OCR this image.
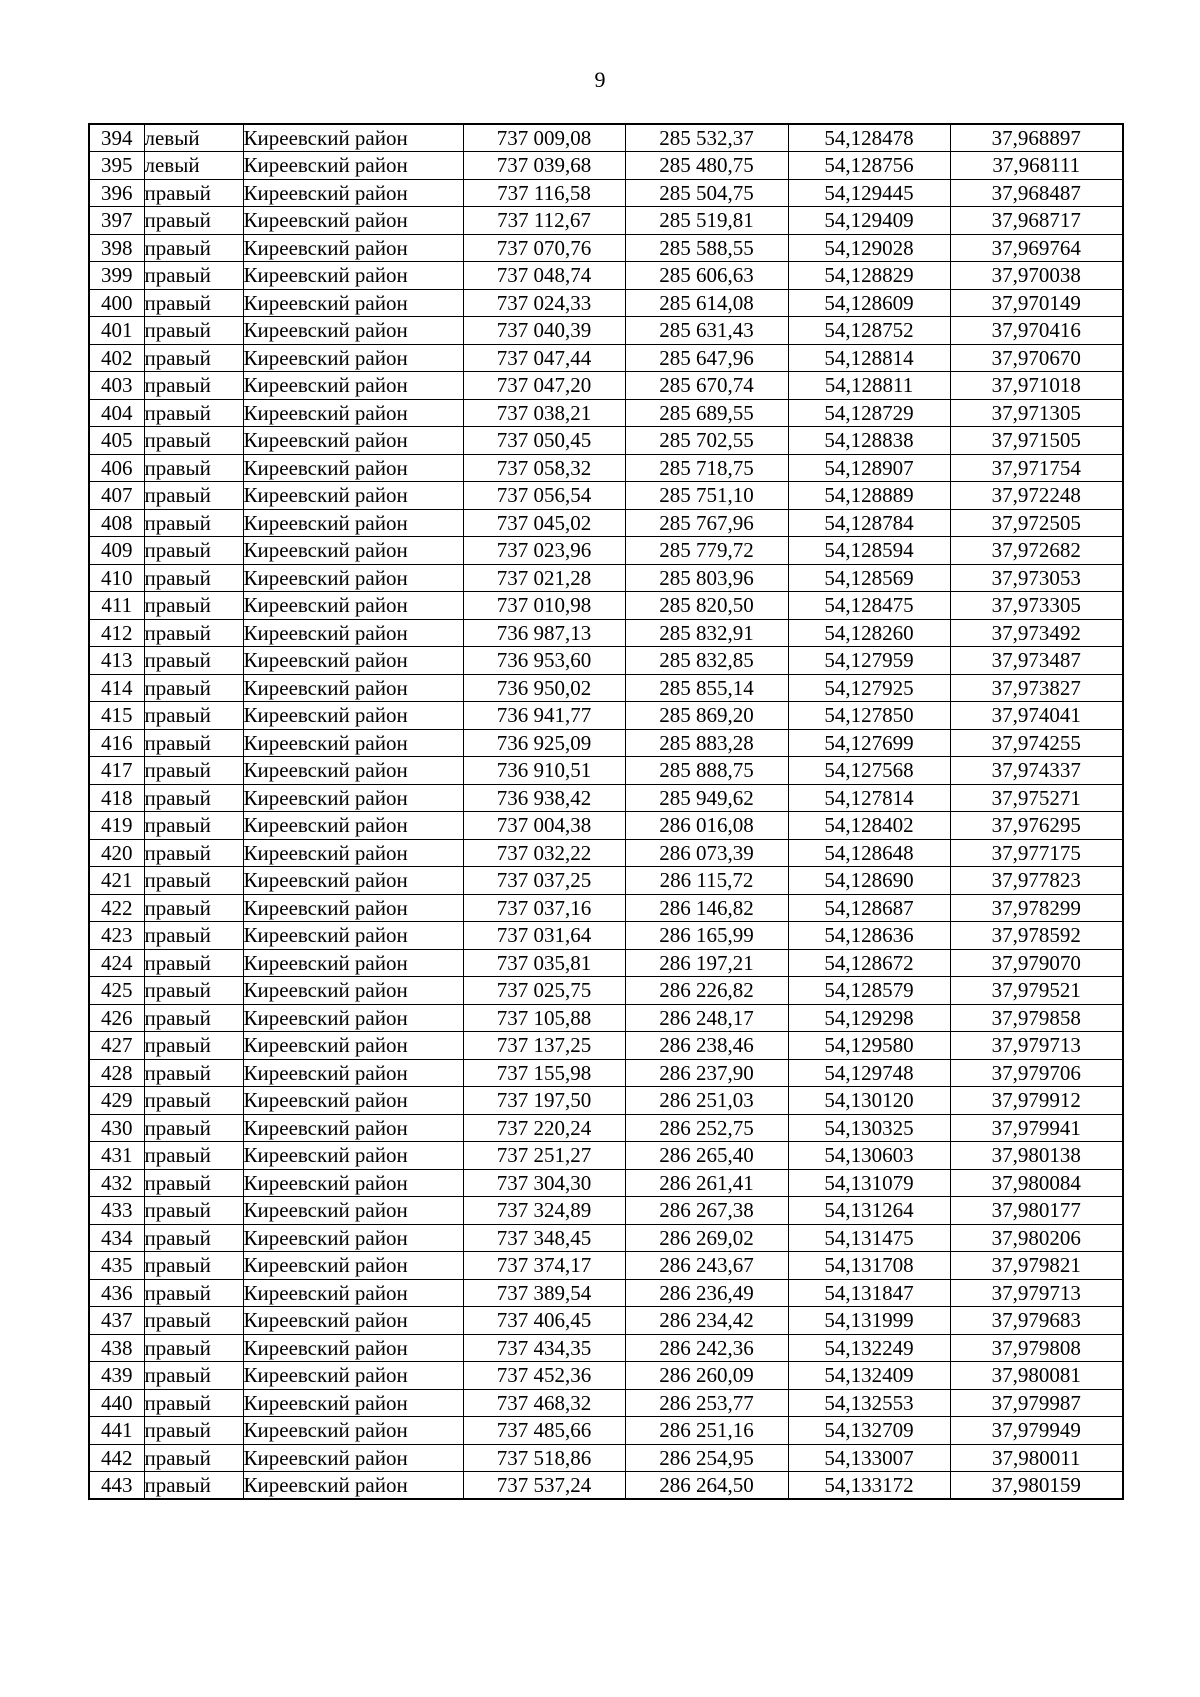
9
394	левый	Киреевский район	737 009,08	285 532,37	54,128478	37,968897
395	левый	Киреевский район	737 039,68	285 480,75	54,128756	37,968111
396	правый	Киреевский район	737 116,58	285 504,75	54,129445	37,968487
397	правый	Киреевский район	737 112,67	285 519,81	54,129409	37,968717
398	правый	Киреевский район	737 070,76	285 588,55	54,129028	37,969764
399	правый	Киреевский район	737 048,74	285 606,63	54,128829	37,970038
400	правый	Киреевский район	737 024,33	285 614,08	54,128609	37,970149
401	правый	Киреевский район	737 040,39	285 631,43	54,128752	37,970416
402	правый	Киреевский район	737 047,44	285 647,96	54,128814	37,970670
403	правый	Киреевский район	737 047,20	285 670,74	54,128811	37,971018
404	правый	Киреевский район	737 038,21	285 689,55	54,128729	37,971305
405	правый	Киреевский район	737 050,45	285 702,55	54,128838	37,971505
406	правый	Киреевский район	737 058,32	285 718,75	54,128907	37,971754
407	правый	Киреевский район	737 056,54	285 751,10	54,128889	37,972248
408	правый	Киреевский район	737 045,02	285 767,96	54,128784	37,972505
409	правый	Киреевский район	737 023,96	285 779,72	54,128594	37,972682
410	правый	Киреевский район	737 021,28	285 803,96	54,128569	37,973053
411	правый	Киреевский район	737 010,98	285 820,50	54,128475	37,973305
412	правый	Киреевский район	736 987,13	285 832,91	54,128260	37,973492
413	правый	Киреевский район	736 953,60	285 832,85	54,127959	37,973487
414	правый	Киреевский район	736 950,02	285 855,14	54,127925	37,973827
415	правый	Киреевский район	736 941,77	285 869,20	54,127850	37,974041
416	правый	Киреевский район	736 925,09	285 883,28	54,127699	37,974255
417	правый	Киреевский район	736 910,51	285 888,75	54,127568	37,974337
418	правый	Киреевский район	736 938,42	285 949,62	54,127814	37,975271
419	правый	Киреевский район	737 004,38	286 016,08	54,128402	37,976295
420	правый	Киреевский район	737 032,22	286 073,39	54,128648	37,977175
421	правый	Киреевский район	737 037,25	286 115,72	54,128690	37,977823
422	правый	Киреевский район	737 037,16	286 146,82	54,128687	37,978299
423	правый	Киреевский район	737 031,64	286 165,99	54,128636	37,978592
424	правый	Киреевский район	737 035,81	286 197,21	54,128672	37,979070
425	правый	Киреевский район	737 025,75	286 226,82	54,128579	37,979521
426	правый	Киреевский район	737 105,88	286 248,17	54,129298	37,979858
427	правый	Киреевский район	737 137,25	286 238,46	54,129580	37,979713
428	правый	Киреевский район	737 155,98	286 237,90	54,129748	37,979706
429	правый	Киреевский район	737 197,50	286 251,03	54,130120	37,979912
430	правый	Киреевский район	737 220,24	286 252,75	54,130325	37,979941
431	правый	Киреевский район	737 251,27	286 265,40	54,130603	37,980138
432	правый	Киреевский район	737 304,30	286 261,41	54,131079	37,980084
433	правый	Киреевский район	737 324,89	286 267,38	54,131264	37,980177
434	правый	Киреевский район	737 348,45	286 269,02	54,131475	37,980206
435	правый	Киреевский район	737 374,17	286 243,67	54,131708	37,979821
436	правый	Киреевский район	737 389,54	286 236,49	54,131847	37,979713
437	правый	Киреевский район	737 406,45	286 234,42	54,131999	37,979683
438	правый	Киреевский район	737 434,35	286 242,36	54,132249	37,979808
439	правый	Киреевский район	737 452,36	286 260,09	54,132409	37,980081
440	правый	Киреевский район	737 468,32	286 253,77	54,132553	37,979987
441	правый	Киреевский район	737 485,66	286 251,16	54,132709	37,979949
442	правый	Киреевский район	737 518,86	286 254,95	54,133007	37,980011
443	правый	Киреевский район	737 537,24	286 264,50	54,133172	37,980159
